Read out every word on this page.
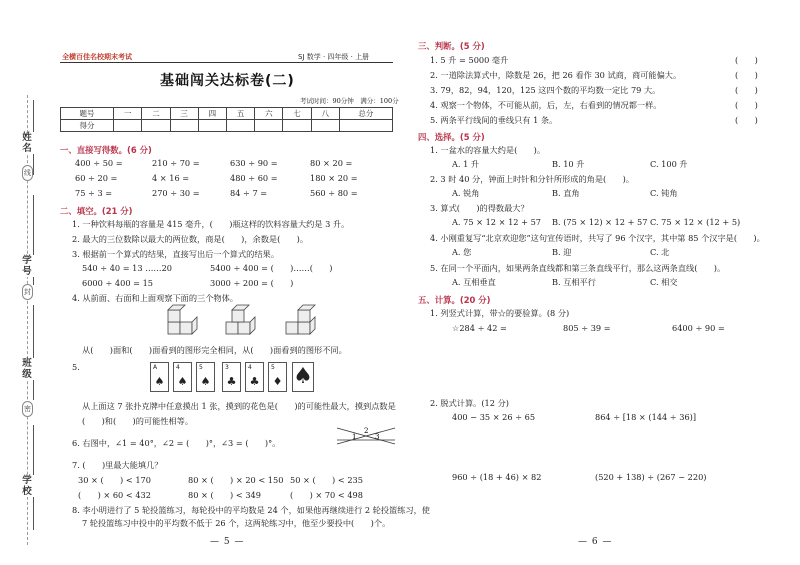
姓名
线
学号
封
班级
密
学校
全横百佳名校期末考试	SJ 数学 · 四年级 · 上册
基础闯关达标卷(二)
考试时间：90分钟　满分：100分
题号	一	二	三	四	五	六	七	八	总分
得分									
一、直接写得数。(6 分)
400 ÷ 50 =	210 ÷ 70 =	630 ÷ 90 =	80 × 20 =
60 ÷ 20 =	4 × 16 =	480 ÷ 60 =	180 × 20 =
75 ÷ 3 =	270 ÷ 30 =	84 ÷ 7 =	560 ÷ 80 =
二、填空。(21 分)
1. 一种饮料每瓶的容量是 415 毫升，(　　)瓶这样的饮料容量大约是 3 升。
2. 最大的三位数除以最大的两位数，商是(　　)，余数是(　　)。
3. 根据前一个算式的结果，直接写出后一个算式的结果。
540 ÷ 40 = 13 ……20	5400 ÷ 400 = (　　)……(　　)
6000 ÷ 400 = 15	3000 ÷ 200 = (　　)
4. 从前面、右面和上面观察下面的三个物体。
从(　　)面和(　　)面看到的图形完全相同，从(　　)面看到的图形不同。
5.	A
♠
4
♠
5
♠
3
♣
4
♣
5
♦ ♠
从上面这 7 张扑克牌中任意摸出 1 张，摸到的花色是(　　)的可能性最大，摸到点数是
(　　)和(　　)的可能性相等。
6. 右图中，∠1 = 40°，∠2 = (　　)°，∠3 = (　　)°。
1
2
3
7. (　　)里最大能填几？
30 × (　　) < 170	80 × (　　) × 20 < 150 50 × (　　) < 235
(　　) × 60 < 432	80 × (　　) < 349	(　　) × 70 < 498
8. 李小明进行了 5 轮投篮练习，每轮投中的平均数是 24 个，如果他再继续进行 2 轮投篮练习，使
7 轮投篮练习中投中的平均数不低于 26 个，这两轮练习中，他至少要投中(　　)个。
— 5 —
三、判断。(5 分)
1. 5 升 = 5000 毫升
2. 一道除法算式中，除数是 26，把 26 看作 30 试商，商可能偏大。
3. 79，82，94，120，125 这四个数的平均数一定比 79 大。
4. 观察一个物体，不可能从前，后，左，右看到的情况都一样。
5. 两条平行线间的垂线只有 1 条。
(　　)
(　　)
(　　)
(　　)
(　　)
四、选择。(5 分)
1. 一盆水的容量大约是(　　)。
A. 1 升	B. 10 升	C. 100 升
2. 3 时 40 分，钟面上时针和分针所形成的角是(　　)。
A. 锐角	B. 直角	C. 钝角
3. 算式(　　)的得数最大？
A. 75 × 12 × 12 + 57 B. (75 × 12) × 12 + 57 C. 75 × 12 × (12 + 5)
4. 小刚重复写“北京欢迎您”这句宣传语时，共写了 96 个汉字，其中第 85 个汉字是(　　)。
A. 您	B. 迎	C. 北
5. 在同一个平面内，如果两条直线都和第三条直线平行，那么这两条直线(　　)。
A. 互相垂直	B. 互相平行	C. 相交
五、计算。(20 分)
1. 列竖式计算，带☆的要验算。(8 分)
☆284 ÷ 42 =	805 ÷ 39 =	6400 ÷ 90 =
2. 脱式计算。(12 分)
400 − 35 × 26 ÷ 65	864 ÷ [18 × (144 ÷ 36)]
960 ÷ (18 + 46) × 82	(520 + 138) ÷ (267 − 220)
— 6 —
